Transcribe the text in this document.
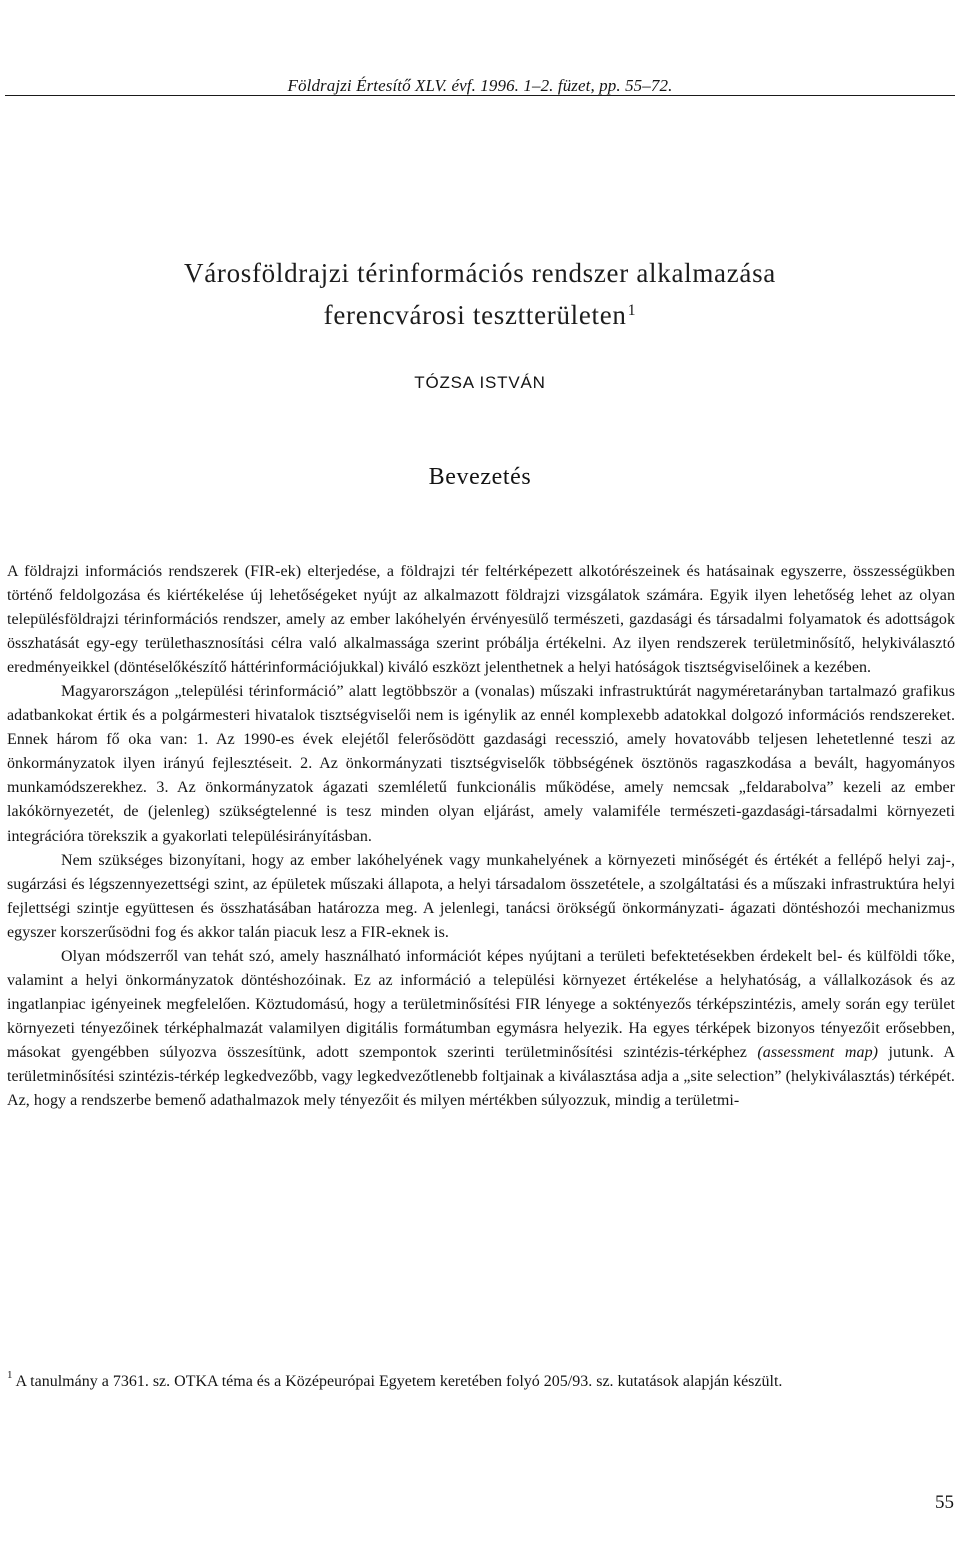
Földrajzi Értesítő XLV. évf. 1996. 1–2. füzet, pp. 55–72.
Városföldrajzi térinformációs rendszer alkalmazása
ferencvárosi tesztterületen$^1$
TÓZSA ISTVÁN
Bevezetés

A földrajzi információs rendszerek (FIR-ek) elterjedése, a földrajzi tér feltérképezett alkotórészeinek és hatásainak egyszerre, összességükben történő feldolgozása és kiértékelése új lehetőségeket nyújt az alkalmazott földrajzi vizsgálatok számára. Egyik ilyen lehetőség lehet az olyan településföldrajzi térinformációs rendszer, amely az ember lakóhelyén érvényesülő természeti, gazdasági és társadalmi folyamatok és adottságok összhatását egy-egy területhasznosítási célra való alkalmassága szerint próbálja értékelni. Az ilyen rendszerek területminősítő, helykiválasztó eredményeikkel (döntéselőkészítő háttérinformációjukkal) kiváló eszközt jelenthetnek a helyi hatóságok tisztségviselőinek a kezében.

Magyarországon „települési térinformáció” alatt legtöbbször a (vonalas) műszaki infrastruktúrát nagyméretarányban tartalmazó grafikus adatbankokat értik és a polgármesteri hivatalok tisztségviselői nem is igénylik az ennél komplexebb adatokkal dolgozó információs rendszereket. Ennek három fő oka van: 1. Az 1990-es évek elejétől felerősödött gazdasági recesszió, amely hovatovább teljesen lehetetlenné teszi az önkormányzatok ilyen irányú fejlesztéseit. 2. Az önkormányzati tisztségviselők többségének ösztönös ragaszkodása a bevált, hagyományos munkamódszerekhez. 3. Az önkormányzatok ágazati szemléletű funkcionális működése, amely nemcsak „feldarabolva” kezeli az ember lakókörnyezetét, de (jelenleg) szükségtelenné is tesz minden olyan eljárást, amely valamiféle természeti-gazdasági-társadalmi környezeti integrációra törekszik a gyakorlati településirányításban.

Nem szükséges bizonyítani, hogy az ember lakóhelyének vagy munkahelyének a környezeti minőségét és értékét a fellépő helyi zaj-, sugárzási és légszennyezettségi szint, az épületek műszaki állapota, a helyi társadalom összetétele, a szolgáltatási és a műszaki infrastruktúra helyi fejlettségi szintje együttesen és összhatásában határozza meg. A jelenlegi, tanácsi örökségű önkormányzati- ágazati döntéshozói mechanizmus egyszer korszerűsödni fog és akkor talán piacuk lesz a FIR-eknek is.

Olyan módszerről van tehát szó, amely használható információt képes nyújtani a területi befektetésekben érdekelt bel- és külföldi tőke, valamint a helyi önkormányzatok döntéshozóinak. Ez az információ a települési környezet értékelése a helyhatóság, a vállalkozások és az ingatlanpiac igényeinek megfelelően. Köztudomású, hogy a területminősítési FIR lényege a soktényezős térképszintézis, amely során egy terület környezeti tényezőinek térképhalmazát valamilyen digitális formátumban egymásra helyezik. Ha egyes térképek bizonyos tényezőit erősebben, másokat gyengébben súlyozva összesítünk, adott szempontok szerinti területminősítési szintézis-térképhez (assessment map) jutunk. A területminősítési szintézis-térkép legkedvezőbb, vagy legkedvezőtlenebb foltjainak a kiválasztása adja a „site selection” (helykiválasztás) térképét. Az, hogy a rendszerbe bemenő adathalmazok mely tényezőit és milyen mértékben súlyozzuk, mindig a területmi-

$^1$ A tanulmány a 7361. sz. OTKA téma és a Középeurópai Egyetem keretében folyó 205/93. sz. kutatások alapján készült.
55
